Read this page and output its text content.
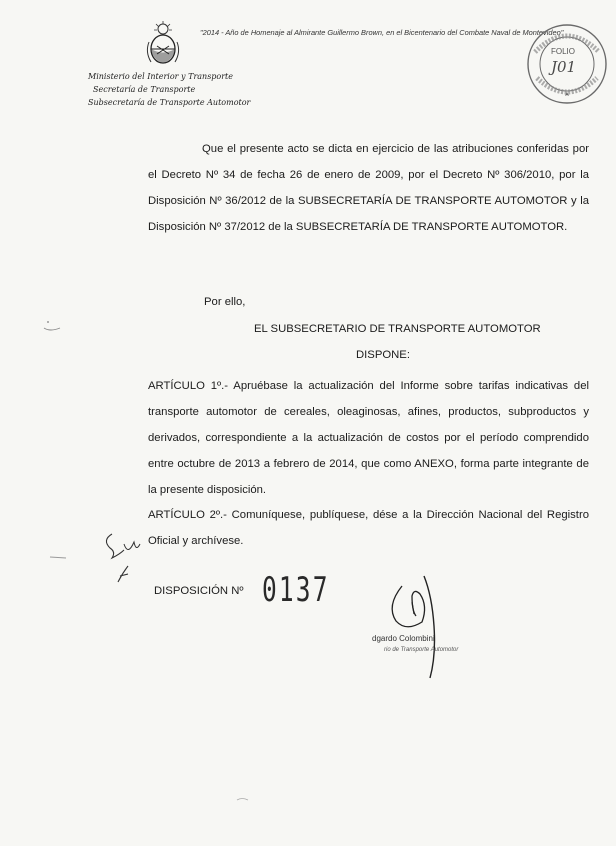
"2014 - Año de Homenaje al Almirante Guillermo Brown, en el Bicentenario del Combate Naval de Montevideo"
Ministerio del Interior y Transporte
Secretaría de Transporte
Subsecretaría de Transporte Automotor
FOLIO
J01
Que el presente acto se dicta en ejercicio de las atribuciones conferidas por el Decreto Nº 34 de fecha 26 de enero de 2009, por el Decreto Nº 306/2010, por la Disposición Nº 36/2012 de la SUBSECRETARÍA DE TRANSPORTE AUTOMOTOR y la Disposición Nº 37/2012 de la SUBSECRETARÍA DE TRANSPORTE AUTOMOTOR.
Por ello,
EL SUBSECRETARIO DE TRANSPORTE AUTOMOTOR
DISPONE:
ARTÍCULO 1º.- Apruébase la actualización del Informe sobre tarifas indicativas del transporte automotor de cereales, oleaginosas, afines, productos, subproductos y derivados, correspondiente a la actualización de costos por el período comprendido entre octubre de 2013 a febrero de 2014, que como ANEXO, forma parte integrante de la presente disposición.
ARTÍCULO 2º.- Comuníquese, publíquese, dése a la Dirección Nacional del Registro Oficial y archívese.
DISPOSICIÓN Nº 0137
dgardo Colombini
rio de Transporte Automotor
